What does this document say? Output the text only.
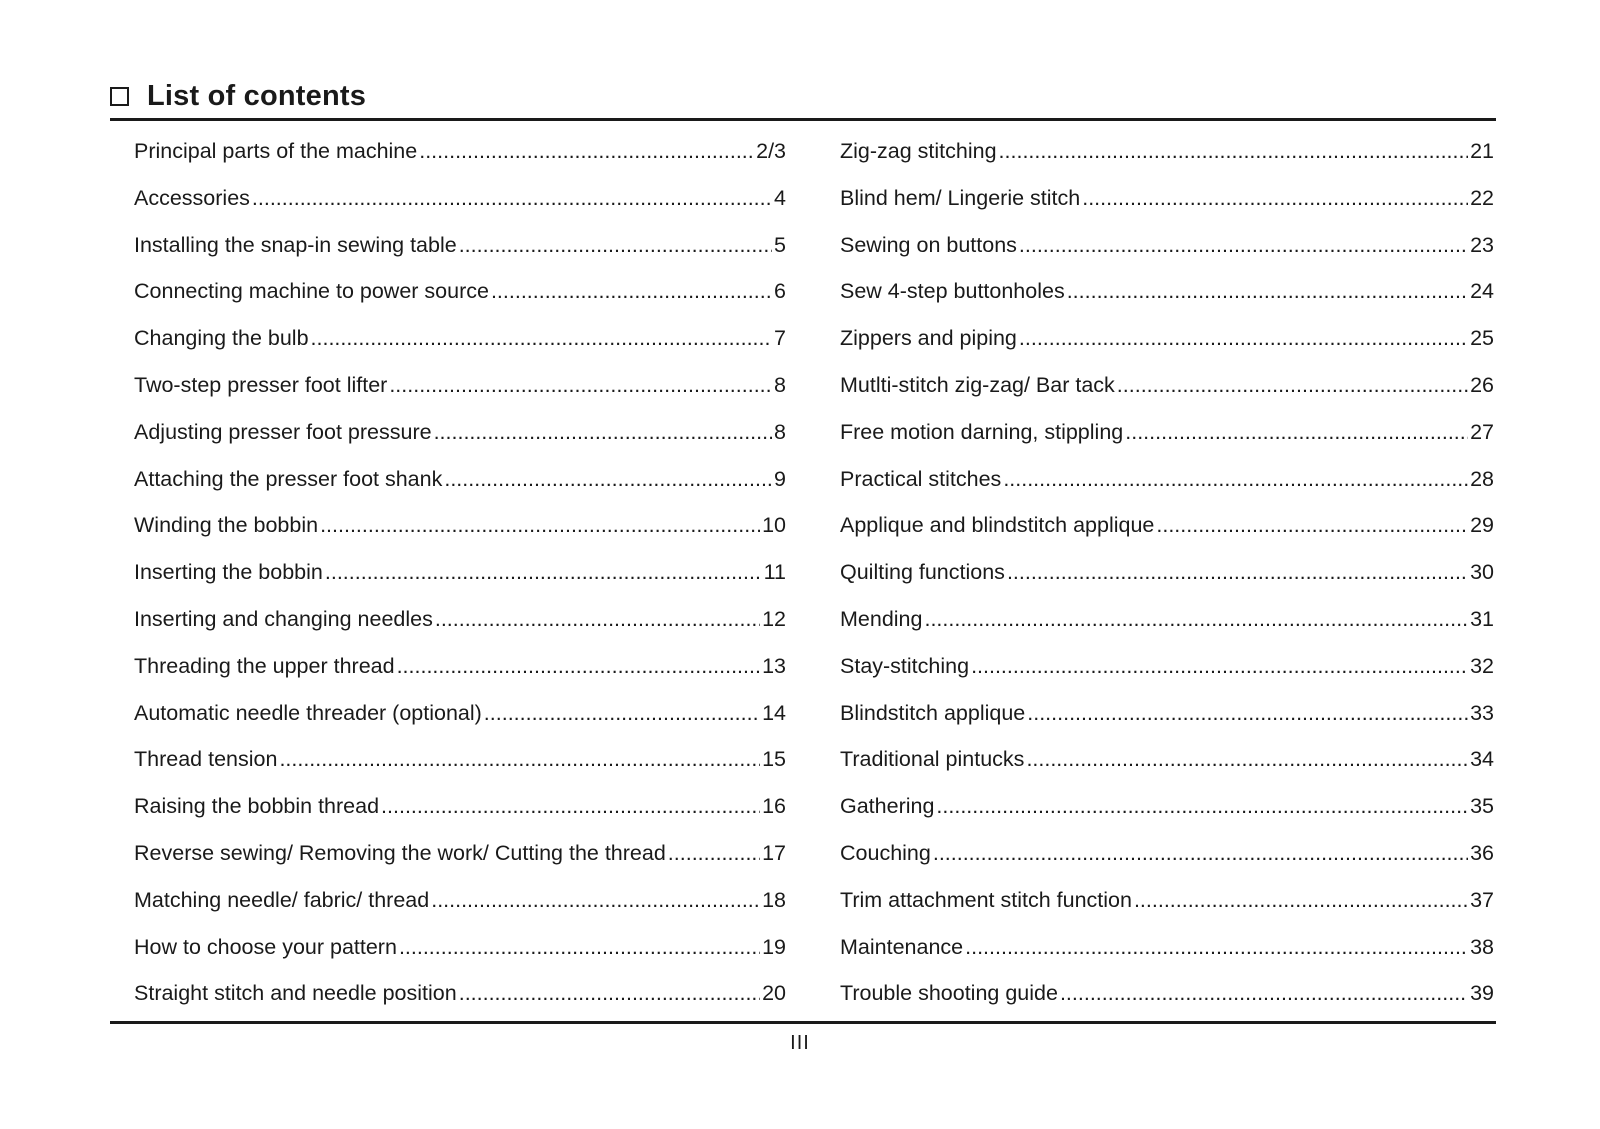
List of contents
Principal parts of the machine .....	2/3
Accessories .....	4
Installing the snap-in sewing table .....	5
Connecting machine to power source .....	6
Changing the bulb .....	7
Two-step presser foot lifter .....	8
Adjusting presser foot pressure .....	8
Attaching the presser foot shank .....	9
Winding the bobbin .....	10
Inserting the bobbin .....	11
Inserting and changing needles .....	12
Threading the upper thread .....	13
Automatic needle threader (optional) .....	14
Thread tension .....	15
Raising the bobbin thread .....	16
Reverse sewing/ Removing the work/ Cutting the thread .....	17
Matching needle/ fabric/ thread .....	18
How to choose your pattern .....	19
Straight stitch and needle position .....	20
Zig-zag stitching .....	21
Blind hem/ Lingerie stitch .....	22
Sewing on buttons .....	23
Sew 4-step buttonholes .....	24
Zippers and piping .....	25
Mutlti-stitch zig-zag/ Bar tack .....	26
Free motion darning, stippling .....	27
Practical stitches .....	28
Applique and blindstitch applique .....	29
Quilting functions .....	30
Mending .....	31
Stay-stitching .....	32
Blindstitch applique .....	33
Traditional pintucks .....	34
Gathering .....	35
Couching .....	36
Trim attachment stitch function .....	37
Maintenance .....	38
Trouble shooting guide .....	39
III
